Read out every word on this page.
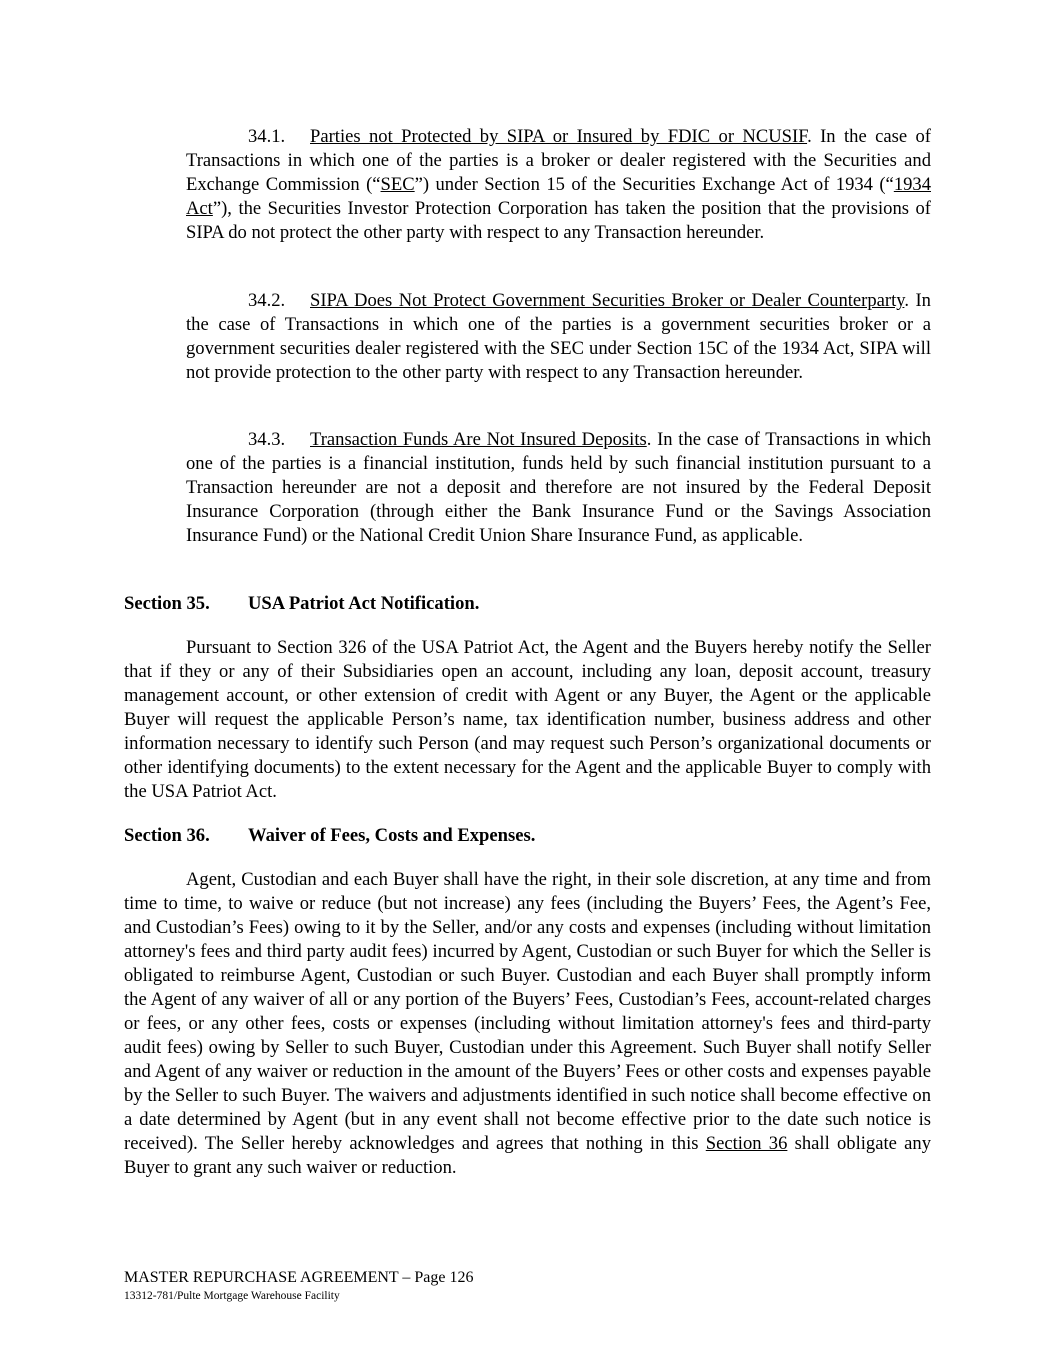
34.1. Parties not Protected by SIPA or Insured by FDIC or NCUSIF. In the case of Transactions in which one of the parties is a broker or dealer registered with the Securities and Exchange Commission (“SEC”) under Section 15 of the Securities Exchange Act of 1934 (“1934 Act”), the Securities Investor Protection Corporation has taken the position that the provisions of SIPA do not protect the other party with respect to any Transaction hereunder.

34.2. SIPA Does Not Protect Government Securities Broker or Dealer Counterparty. In the case of Transactions in which one of the parties is a government securities broker or a government securities dealer registered with the SEC under Section 15C of the 1934 Act, SIPA will not provide protection to the other party with respect to any Transaction hereunder.

34.3. Transaction Funds Are Not Insured Deposits. In the case of Transactions in which one of the parties is a financial institution, funds held by such financial institution pursuant to a Transaction hereunder are not a deposit and therefore are not insured by the Federal Deposit Insurance Corporation (through either the Bank Insurance Fund or the Savings Association Insurance Fund) or the National Credit Union Share Insurance Fund, as applicable.

Section 35. USA Patriot Act Notification.

Pursuant to Section 326 of the USA Patriot Act, the Agent and the Buyers hereby notify the Seller that if they or any of their Subsidiaries open an account, including any loan, deposit account, treasury management account, or other extension of credit with Agent or any Buyer, the Agent or the applicable Buyer will request the applicable Person’s name, tax identification number, business address and other information necessary to identify such Person (and may request such Person’s organizational documents or other identifying documents) to the extent necessary for the Agent and the applicable Buyer to comply with the USA Patriot Act.

Section 36. Waiver of Fees, Costs and Expenses.

Agent, Custodian and each Buyer shall have the right, in their sole discretion, at any time and from time to time, to waive or reduce (but not increase) any fees (including the Buyers’ Fees, the Agent’s Fee, and Custodian’s Fees) owing to it by the Seller, and/or any costs and expenses (including without limitation attorney's fees and third party audit fees) incurred by Agent, Custodian or such Buyer for which the Seller is obligated to reimburse Agent, Custodian or such Buyer. Custodian and each Buyer shall promptly inform the Agent of any waiver of all or any portion of the Buyers’ Fees, Custodian’s Fees, account-related charges or fees, or any other fees, costs or expenses (including without limitation attorney's fees and third-party audit fees) owing by Seller to such Buyer, Custodian under this Agreement. Such Buyer shall notify Seller and Agent of any waiver or reduction in the amount of the Buyers’ Fees or other costs and expenses payable by the Seller to such Buyer. The waivers and adjustments identified in such notice shall become effective on a date determined by Agent (but in any event shall not become effective prior to the date such notice is received). The Seller hereby acknowledges and agrees that nothing in this Section 36 shall obligate any Buyer to grant any such waiver or reduction.

MASTER REPURCHASE AGREEMENT – Page 126
13312-781/Pulte Mortgage Warehouse Facility
